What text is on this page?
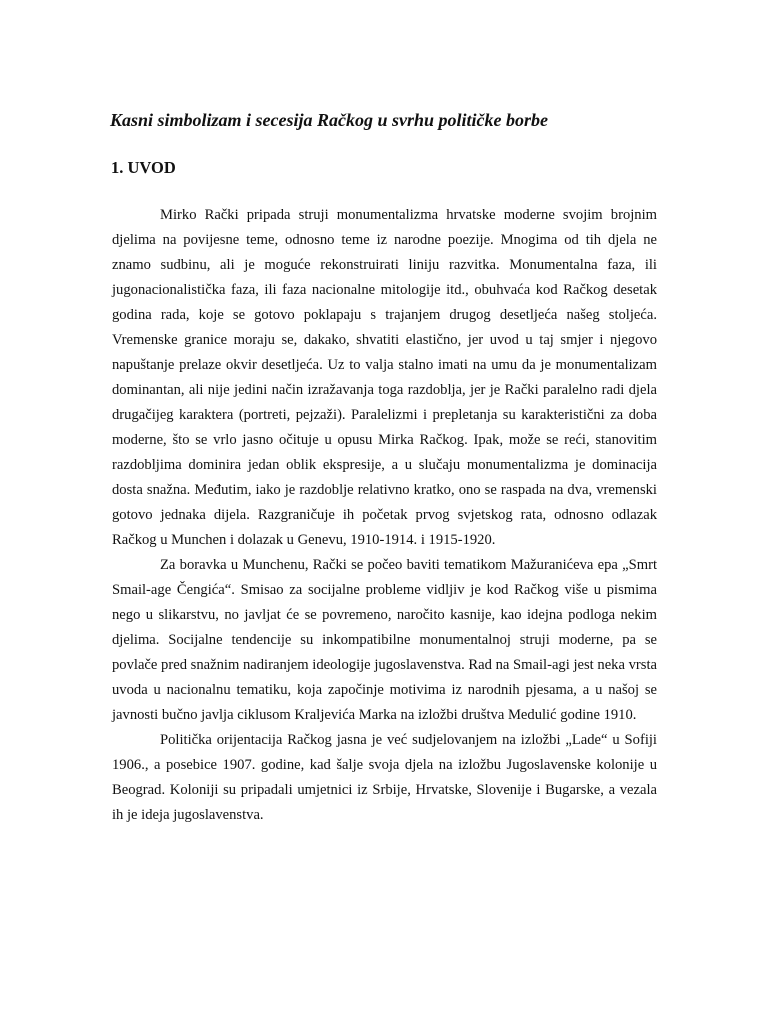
Kasni simbolizam i secesija Račkog u svrhu političke borbe
1. UVOD

Mirko Rački pripada struji monumentalizma hrvatske moderne svojim brojnim djelima na povijesne teme, odnosno teme iz narodne poezije. Mnogima od tih djela ne znamo sudbinu, ali je moguće rekonstruirati liniju razvitka. Monumentalna faza, ili jugonacionalistička faza, ili faza nacionalne mitologije itd., obuhvaća kod Račkog desetak godina rada, koje se gotovo poklapaju s trajanjem drugog desetljeća našeg stoljeća. Vremenske granice moraju se, dakako, shvatiti elastično, jer uvod u taj smjer i njegovo napuštanje prelaze okvir desetljeća. Uz to valja stalno imati na umu da je monumentalizam dominantan, ali nije jedini način izražavanja toga razdoblja, jer je Rački paralelno radi djela drugačijeg karaktera (portreti, pejzaži). Paralelizmi i prepletanja su karakteristični za doba moderne, što se vrlo jasno očituje u opusu Mirka Račkog. Ipak, može se reći, stanovitim razdobljima dominira jedan oblik ekspresije, a u slučaju monumentalizma je dominacija dosta snažna. Međutim, iako je razdoblje relativno kratko, ono se raspada na dva, vremenski gotovo jednaka dijela. Razgraničuje ih početak prvog svjetskog rata, odnosno odlazak Račkog u Munchen i dolazak u Genevu, 1910-1914. i 1915-1920.

Za boravka u Munchenu, Rački se počeo baviti tematikom Mažuranićeva epa „Smrt Smail-age Čengića“. Smisao za socijalne probleme vidljiv je kod Račkog više u pismima nego u slikarstvu, no javljat će se povremeno, naročito kasnije, kao idejna podloga nekim djelima. Socijalne tendencije su inkompatibilne monumentalnoj struji moderne, pa se povlače pred snažnim nadiranjem ideologije jugoslavenstva. Rad na Smail-agi jest neka vrsta uvoda u nacionalnu tematiku, koja započinje motivima iz narodnih pjesama, a u našoj se javnosti bučno javlja ciklusom Kraljevića Marka na izložbi društva Medulić godine 1910.

Politička orijentacija Račkog jasna je već sudjelovanjem na izložbi „Lade“ u Sofiji 1906., a posebice 1907. godine, kad šalje svoja djela na izložbu Jugoslavenske kolonije u Beograd. Koloniji su pripadali umjetnici iz Srbije, Hrvatske, Slovenije i Bugarske, a vezala ih je ideja jugoslavenstva.
